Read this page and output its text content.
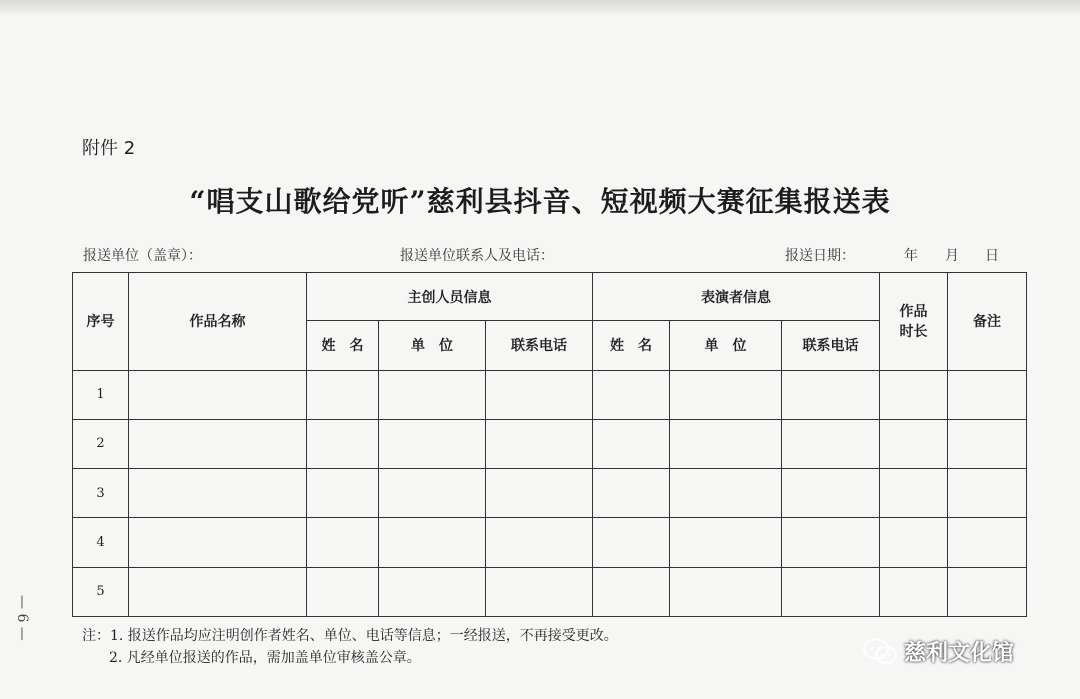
附件 2
“唱支山歌给党听”慈利县抖音、短视频大赛征集报送表
报送单位（盖章）：	报送单位联系人及电话：	报送日期：	年 月 日
序号	作品名称	主创人员信息			表演者信息			作品时长	备注
		姓　名	单　位	联系电话	姓　名	单　位	联系电话		
1									
2									
3									
4									
5									
注：1. 报送作品均应注明创作者姓名、单位、电话等信息；一经报送，不再接受更改。
2. 凡经单位报送的作品，需加盖单位审核盖公章。
— 6 —
慈利文化馆
